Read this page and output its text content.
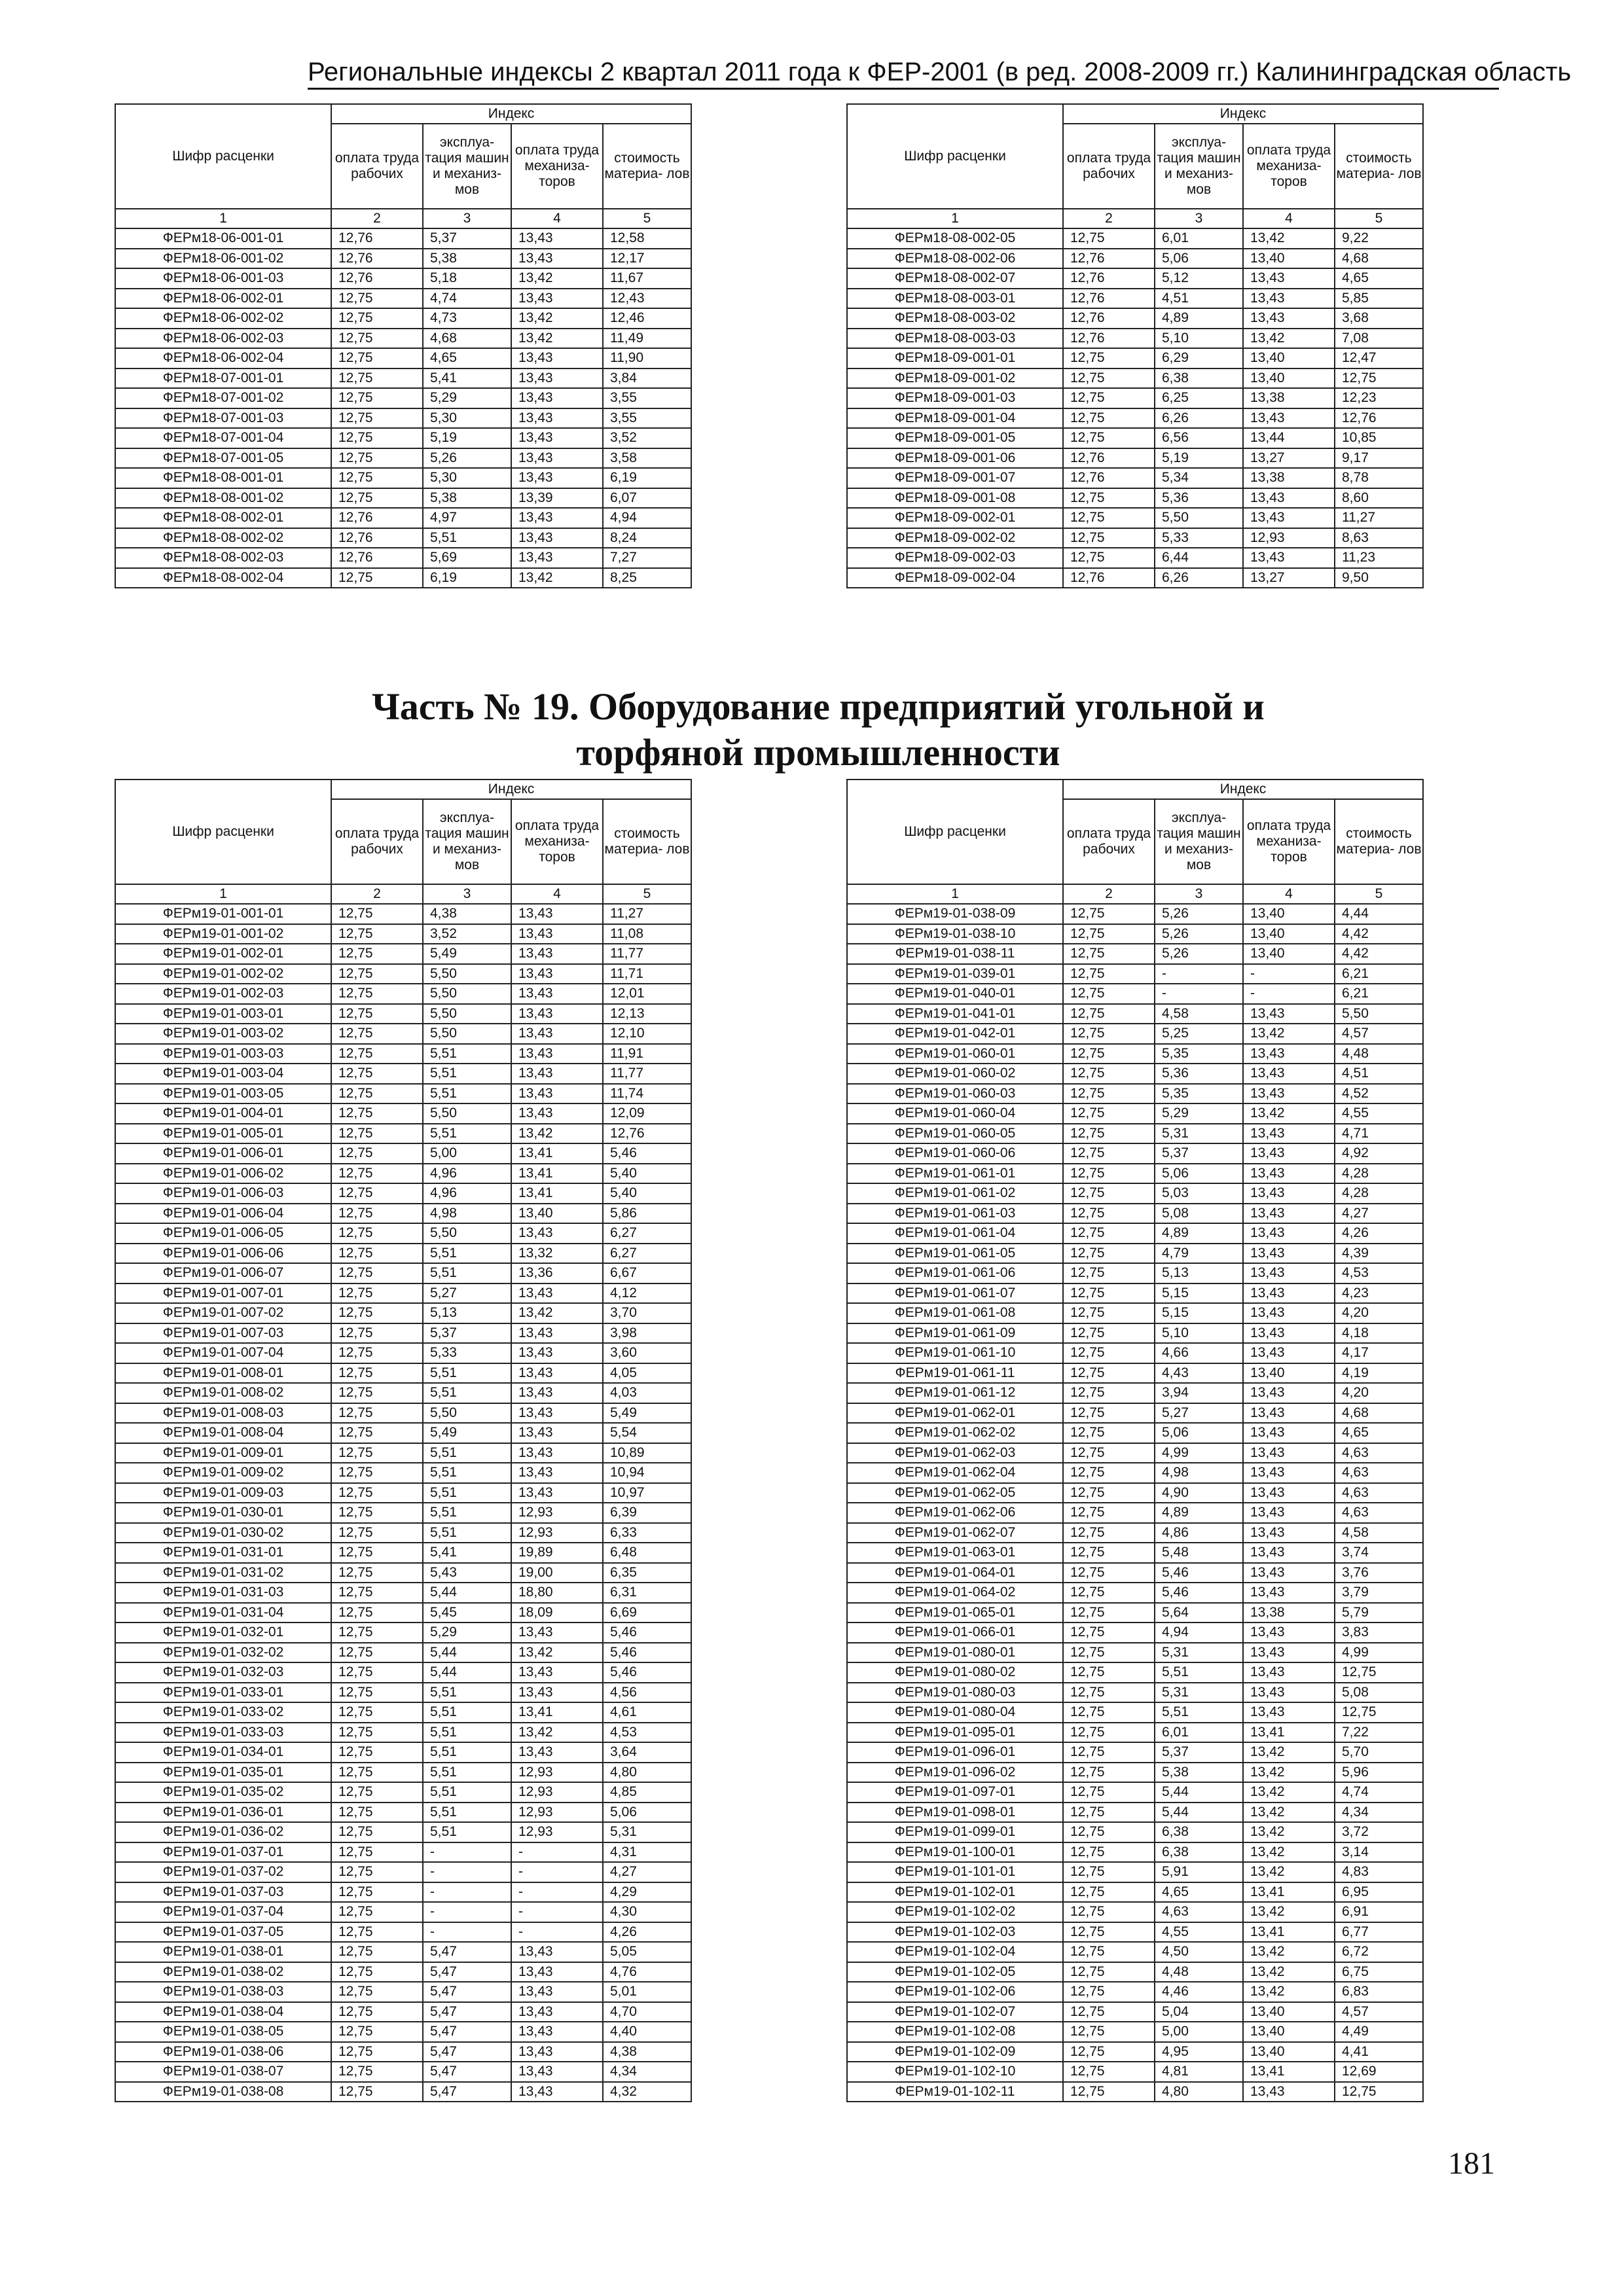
Региональные индексы 2 квартал 2011 года к ФЕР-2001 (в ред. 2008-2009 гг.) Калининградская область
Шифр расценки	Индекс			
	оплата труда рабочих	эксплуа- тация машин и механиз- мов	оплата труда механиза- торов	стоимость материа- лов
1	2	3	4	5
ФЕРм18-06-001-01	12,76	5,37	13,43	12,58
ФЕРм18-06-001-02	12,76	5,38	13,43	12,17
ФЕРм18-06-001-03	12,76	5,18	13,42	11,67
ФЕРм18-06-002-01	12,75	4,74	13,43	12,43
ФЕРм18-06-002-02	12,75	4,73	13,42	12,46
ФЕРм18-06-002-03	12,75	4,68	13,42	11,49
ФЕРм18-06-002-04	12,75	4,65	13,43	11,90
ФЕРм18-07-001-01	12,75	5,41	13,43	3,84
ФЕРм18-07-001-02	12,75	5,29	13,43	3,55
ФЕРм18-07-001-03	12,75	5,30	13,43	3,55
ФЕРм18-07-001-04	12,75	5,19	13,43	3,52
ФЕРм18-07-001-05	12,75	5,26	13,43	3,58
ФЕРм18-08-001-01	12,75	5,30	13,43	6,19
ФЕРм18-08-001-02	12,75	5,38	13,39	6,07
ФЕРм18-08-002-01	12,76	4,97	13,43	4,94
ФЕРм18-08-002-02	12,76	5,51	13,43	8,24
ФЕРм18-08-002-03	12,76	5,69	13,43	7,27
ФЕРм18-08-002-04	12,75	6,19	13,42	8,25
Шифр расценки	Индекс			
	оплата труда рабочих	эксплуа- тация машин и механиз- мов	оплата труда механиза- торов	стоимость материа- лов
1	2	3	4	5
ФЕРм18-08-002-05	12,75	6,01	13,42	9,22
ФЕРм18-08-002-06	12,76	5,06	13,40	4,68
ФЕРм18-08-002-07	12,76	5,12	13,43	4,65
ФЕРм18-08-003-01	12,76	4,51	13,43	5,85
ФЕРм18-08-003-02	12,76	4,89	13,43	3,68
ФЕРм18-08-003-03	12,76	5,10	13,42	7,08
ФЕРм18-09-001-01	12,75	6,29	13,40	12,47
ФЕРм18-09-001-02	12,75	6,38	13,40	12,75
ФЕРм18-09-001-03	12,75	6,25	13,38	12,23
ФЕРм18-09-001-04	12,75	6,26	13,43	12,76
ФЕРм18-09-001-05	12,75	6,56	13,44	10,85
ФЕРм18-09-001-06	12,76	5,19	13,27	9,17
ФЕРм18-09-001-07	12,76	5,34	13,38	8,78
ФЕРм18-09-001-08	12,75	5,36	13,43	8,60
ФЕРм18-09-002-01	12,75	5,50	13,43	11,27
ФЕРм18-09-002-02	12,75	5,33	12,93	8,63
ФЕРм18-09-002-03	12,75	6,44	13,43	11,23
ФЕРм18-09-002-04	12,76	6,26	13,27	9,50
Часть № 19. Оборудование предприятий угольной и
торфяной промышленности
Шифр расценки	Индекс			
	оплата труда рабочих	эксплуа- тация машин и механиз- мов	оплата труда механиза- торов	стоимость материа- лов
1	2	3	4	5
ФЕРм19-01-001-01	12,75	4,38	13,43	11,27
ФЕРм19-01-001-02	12,75	3,52	13,43	11,08
ФЕРм19-01-002-01	12,75	5,49	13,43	11,77
ФЕРм19-01-002-02	12,75	5,50	13,43	11,71
ФЕРм19-01-002-03	12,75	5,50	13,43	12,01
ФЕРм19-01-003-01	12,75	5,50	13,43	12,13
ФЕРм19-01-003-02	12,75	5,50	13,43	12,10
ФЕРм19-01-003-03	12,75	5,51	13,43	11,91
ФЕРм19-01-003-04	12,75	5,51	13,43	11,77
ФЕРм19-01-003-05	12,75	5,51	13,43	11,74
ФЕРм19-01-004-01	12,75	5,50	13,43	12,09
ФЕРм19-01-005-01	12,75	5,51	13,42	12,76
ФЕРм19-01-006-01	12,75	5,00	13,41	5,46
ФЕРм19-01-006-02	12,75	4,96	13,41	5,40
ФЕРм19-01-006-03	12,75	4,96	13,41	5,40
ФЕРм19-01-006-04	12,75	4,98	13,40	5,86
ФЕРм19-01-006-05	12,75	5,50	13,43	6,27
ФЕРм19-01-006-06	12,75	5,51	13,32	6,27
ФЕРм19-01-006-07	12,75	5,51	13,36	6,67
ФЕРм19-01-007-01	12,75	5,27	13,43	4,12
ФЕРм19-01-007-02	12,75	5,13	13,42	3,70
ФЕРм19-01-007-03	12,75	5,37	13,43	3,98
ФЕРм19-01-007-04	12,75	5,33	13,43	3,60
ФЕРм19-01-008-01	12,75	5,51	13,43	4,05
ФЕРм19-01-008-02	12,75	5,51	13,43	4,03
ФЕРм19-01-008-03	12,75	5,50	13,43	5,49
ФЕРм19-01-008-04	12,75	5,49	13,43	5,54
ФЕРм19-01-009-01	12,75	5,51	13,43	10,89
ФЕРм19-01-009-02	12,75	5,51	13,43	10,94
ФЕРм19-01-009-03	12,75	5,51	13,43	10,97
ФЕРм19-01-030-01	12,75	5,51	12,93	6,39
ФЕРм19-01-030-02	12,75	5,51	12,93	6,33
ФЕРм19-01-031-01	12,75	5,41	19,89	6,48
ФЕРм19-01-031-02	12,75	5,43	19,00	6,35
ФЕРм19-01-031-03	12,75	5,44	18,80	6,31
ФЕРм19-01-031-04	12,75	5,45	18,09	6,69
ФЕРм19-01-032-01	12,75	5,29	13,43	5,46
ФЕРм19-01-032-02	12,75	5,44	13,42	5,46
ФЕРм19-01-032-03	12,75	5,44	13,43	5,46
ФЕРм19-01-033-01	12,75	5,51	13,43	4,56
ФЕРм19-01-033-02	12,75	5,51	13,41	4,61
ФЕРм19-01-033-03	12,75	5,51	13,42	4,53
ФЕРм19-01-034-01	12,75	5,51	13,43	3,64
ФЕРм19-01-035-01	12,75	5,51	12,93	4,80
ФЕРм19-01-035-02	12,75	5,51	12,93	4,85
ФЕРм19-01-036-01	12,75	5,51	12,93	5,06
ФЕРм19-01-036-02	12,75	5,51	12,93	5,31
ФЕРм19-01-037-01	12,75	-	-	4,31
ФЕРм19-01-037-02	12,75	-	-	4,27
ФЕРм19-01-037-03	12,75	-	-	4,29
ФЕРм19-01-037-04	12,75	-	-	4,30
ФЕРм19-01-037-05	12,75	-	-	4,26
ФЕРм19-01-038-01	12,75	5,47	13,43	5,05
ФЕРм19-01-038-02	12,75	5,47	13,43	4,76
ФЕРм19-01-038-03	12,75	5,47	13,43	5,01
ФЕРм19-01-038-04	12,75	5,47	13,43	4,70
ФЕРм19-01-038-05	12,75	5,47	13,43	4,40
ФЕРм19-01-038-06	12,75	5,47	13,43	4,38
ФЕРм19-01-038-07	12,75	5,47	13,43	4,34
ФЕРм19-01-038-08	12,75	5,47	13,43	4,32
Шифр расценки	Индекс			
	оплата труда рабочих	эксплуа- тация машин и механиз- мов	оплата труда механиза- торов	стоимость материа- лов
1	2	3	4	5
ФЕРм19-01-038-09	12,75	5,26	13,40	4,44
ФЕРм19-01-038-10	12,75	5,26	13,40	4,42
ФЕРм19-01-038-11	12,75	5,26	13,40	4,42
ФЕРм19-01-039-01	12,75	-	-	6,21
ФЕРм19-01-040-01	12,75	-	-	6,21
ФЕРм19-01-041-01	12,75	4,58	13,43	5,50
ФЕРм19-01-042-01	12,75	5,25	13,42	4,57
ФЕРм19-01-060-01	12,75	5,35	13,43	4,48
ФЕРм19-01-060-02	12,75	5,36	13,43	4,51
ФЕРм19-01-060-03	12,75	5,35	13,43	4,52
ФЕРм19-01-060-04	12,75	5,29	13,42	4,55
ФЕРм19-01-060-05	12,75	5,31	13,43	4,71
ФЕРм19-01-060-06	12,75	5,37	13,43	4,92
ФЕРм19-01-061-01	12,75	5,06	13,43	4,28
ФЕРм19-01-061-02	12,75	5,03	13,43	4,28
ФЕРм19-01-061-03	12,75	5,08	13,43	4,27
ФЕРм19-01-061-04	12,75	4,89	13,43	4,26
ФЕРм19-01-061-05	12,75	4,79	13,43	4,39
ФЕРм19-01-061-06	12,75	5,13	13,43	4,53
ФЕРм19-01-061-07	12,75	5,15	13,43	4,23
ФЕРм19-01-061-08	12,75	5,15	13,43	4,20
ФЕРм19-01-061-09	12,75	5,10	13,43	4,18
ФЕРм19-01-061-10	12,75	4,66	13,43	4,17
ФЕРм19-01-061-11	12,75	4,43	13,40	4,19
ФЕРм19-01-061-12	12,75	3,94	13,43	4,20
ФЕРм19-01-062-01	12,75	5,27	13,43	4,68
ФЕРм19-01-062-02	12,75	5,06	13,43	4,65
ФЕРм19-01-062-03	12,75	4,99	13,43	4,63
ФЕРм19-01-062-04	12,75	4,98	13,43	4,63
ФЕРм19-01-062-05	12,75	4,90	13,43	4,63
ФЕРм19-01-062-06	12,75	4,89	13,43	4,63
ФЕРм19-01-062-07	12,75	4,86	13,43	4,58
ФЕРм19-01-063-01	12,75	5,48	13,43	3,74
ФЕРм19-01-064-01	12,75	5,46	13,43	3,76
ФЕРм19-01-064-02	12,75	5,46	13,43	3,79
ФЕРм19-01-065-01	12,75	5,64	13,38	5,79
ФЕРм19-01-066-01	12,75	4,94	13,43	3,83
ФЕРм19-01-080-01	12,75	5,31	13,43	4,99
ФЕРм19-01-080-02	12,75	5,51	13,43	12,75
ФЕРм19-01-080-03	12,75	5,31	13,43	5,08
ФЕРм19-01-080-04	12,75	5,51	13,43	12,75
ФЕРм19-01-095-01	12,75	6,01	13,41	7,22
ФЕРм19-01-096-01	12,75	5,37	13,42	5,70
ФЕРм19-01-096-02	12,75	5,38	13,42	5,96
ФЕРм19-01-097-01	12,75	5,44	13,42	4,74
ФЕРм19-01-098-01	12,75	5,44	13,42	4,34
ФЕРм19-01-099-01	12,75	6,38	13,42	3,72
ФЕРм19-01-100-01	12,75	6,38	13,42	3,14
ФЕРм19-01-101-01	12,75	5,91	13,42	4,83
ФЕРм19-01-102-01	12,75	4,65	13,41	6,95
ФЕРм19-01-102-02	12,75	4,63	13,42	6,91
ФЕРм19-01-102-03	12,75	4,55	13,41	6,77
ФЕРм19-01-102-04	12,75	4,50	13,42	6,72
ФЕРм19-01-102-05	12,75	4,48	13,42	6,75
ФЕРм19-01-102-06	12,75	4,46	13,42	6,83
ФЕРм19-01-102-07	12,75	5,04	13,40	4,57
ФЕРм19-01-102-08	12,75	5,00	13,40	4,49
ФЕРм19-01-102-09	12,75	4,95	13,40	4,41
ФЕРм19-01-102-10	12,75	4,81	13,41	12,69
ФЕРм19-01-102-11	12,75	4,80	13,43	12,75
181
